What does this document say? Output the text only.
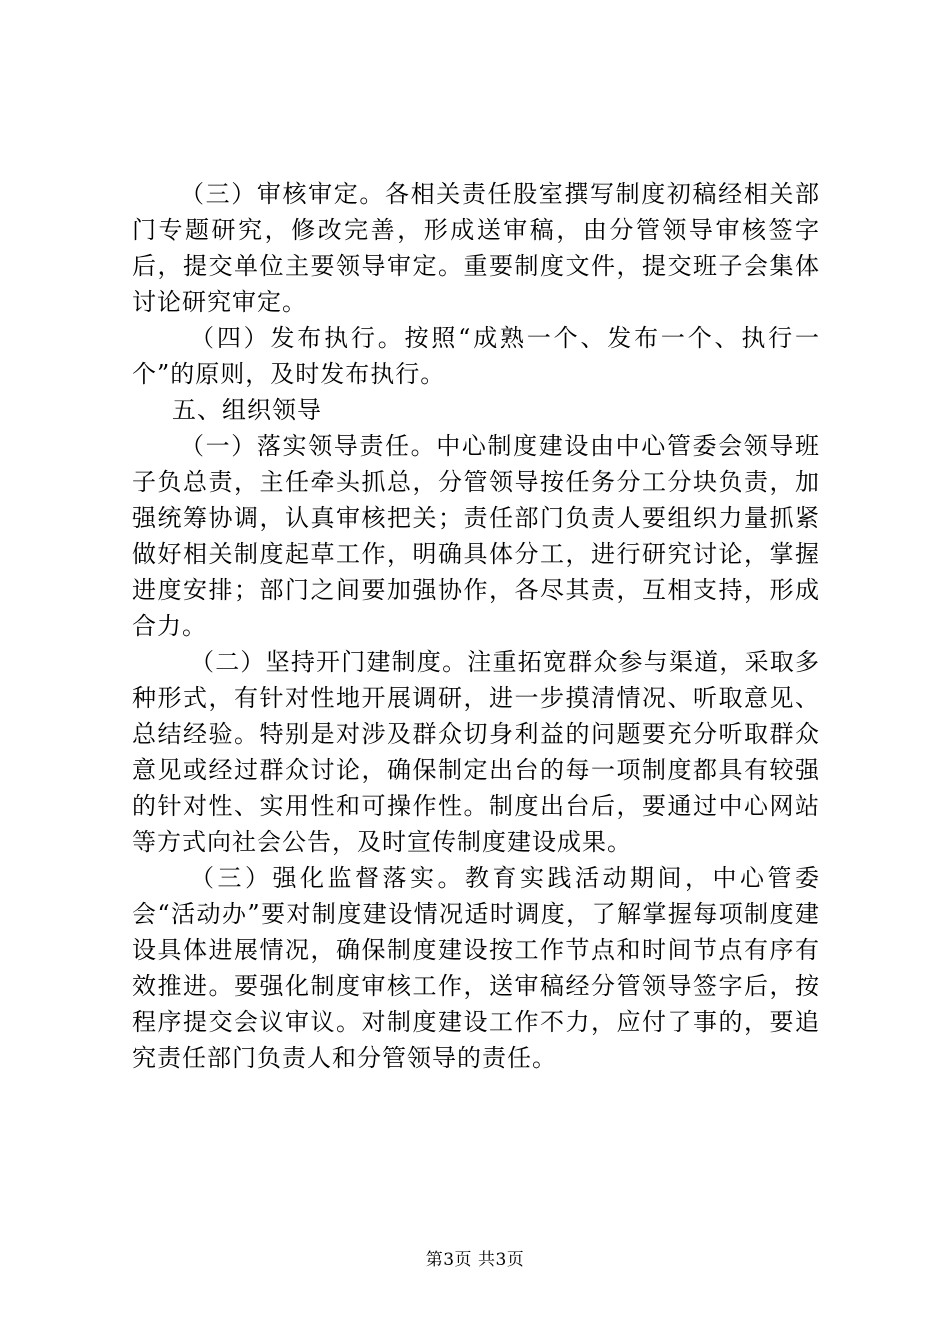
（三）审核审定。各相关责任股室撰写制度初稿经相关部门专题研究，修改完善，形成送审稿，由分管领导审核签字后，提交单位主要领导审定。重要制度文件，提交班子会集体讨论研究审定。

（四）发布执行。按照“成熟一个、发布一个、执行一个”的原则，及时发布执行。

五、组织领导

（一）落实领导责任。中心制度建设由中心管委会领导班子负总责，主任牵头抓总，分管领导按任务分工分块负责，加强统筹协调，认真审核把关；责任部门负责人要组织力量抓紧做好相关制度起草工作，明确具体分工，进行研究讨论，掌握进度安排；部门之间要加强协作，各尽其责，互相支持，形成合力。

（二）坚持开门建制度。注重拓宽群众参与渠道，采取多种形式，有针对性地开展调研，进一步摸清情况、听取意见、总结经验。特别是对涉及群众切身利益的问题要充分听取群众意见或经过群众讨论，确保制定出台的每一项制度都具有较强的针对性、实用性和可操作性。制度出台后，要通过中心网站等方式向社会公告，及时宣传制度建设成果。

（三）强化监督落实。教育实践活动期间，中心管委会“活动办”要对制度建设情况适时调度，了解掌握每项制度建设具体进展情况，确保制度建设按工作节点和时间节点有序有效推进。要强化制度审核工作，送审稿经分管领导签字后，按程序提交会议审议。对制度建设工作不力，应付了事的，要追究责任部门负责人和分管领导的责任。

第3页 共3页
